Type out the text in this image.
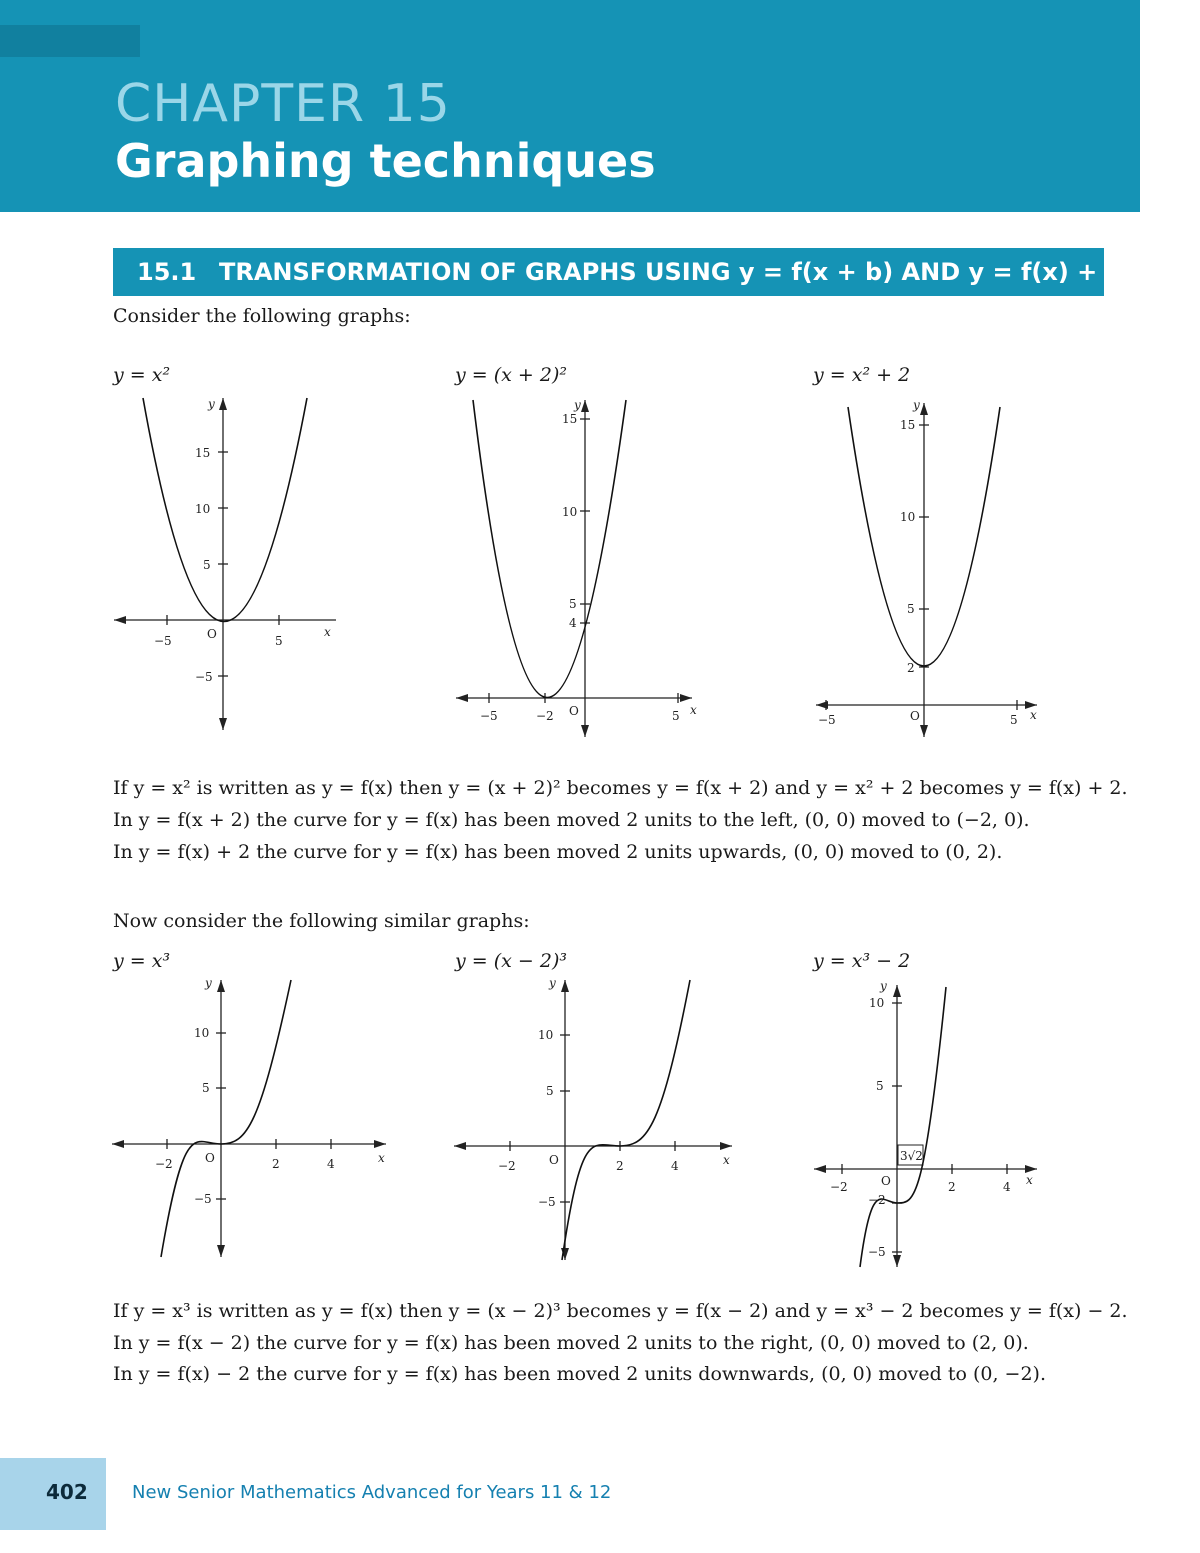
CHAPTER 15
Graphing techniques
15.1 TRANSFORMATION OF GRAPHS USING y = f(x + b) AND y = f(x) + c
Consider the following graphs:
y = x²	y = (x + 2)²	y = x² + 2
y
x
O
−5	5
15
10
5
−5
y
x
O
−5	−2	5
15
10
5
4
y
x
O
−5	5
15
10
5
2
If y = x² is written as y = f(x) then y = (x + 2)² becomes y = f(x + 2) and y = x² + 2 becomes y = f(x) + 2.
In y = f(x + 2) the curve for y = f(x) has been moved 2 units to the left, (0, 0) moved to (−2, 0).
In y = f(x) + 2 the curve for y = f(x) has been moved 2 units upwards, (0, 0) moved to (0, 2).
Now consider the following similar graphs:
y = x³	y = (x − 2)³	y = x³ − 2
y
x
O
−2	2	4
10
5
−5
y
x
O
−2	2	4
10
5
−5
y
x
O
−2	2	4
10
5
−2
−5
3√2
If y = x³ is written as y = f(x) then y = (x − 2)³ becomes y = f(x − 2) and y = x³ − 2 becomes y = f(x) − 2.
In y = f(x − 2) the curve for y = f(x) has been moved 2 units to the right, (0, 0) moved to (2, 0).
In y = f(x) − 2 the curve for y = f(x) has been moved 2 units downwards, (0, 0) moved to (0, −2).
402 New Senior Mathematics Advanced for Years 11 & 12
